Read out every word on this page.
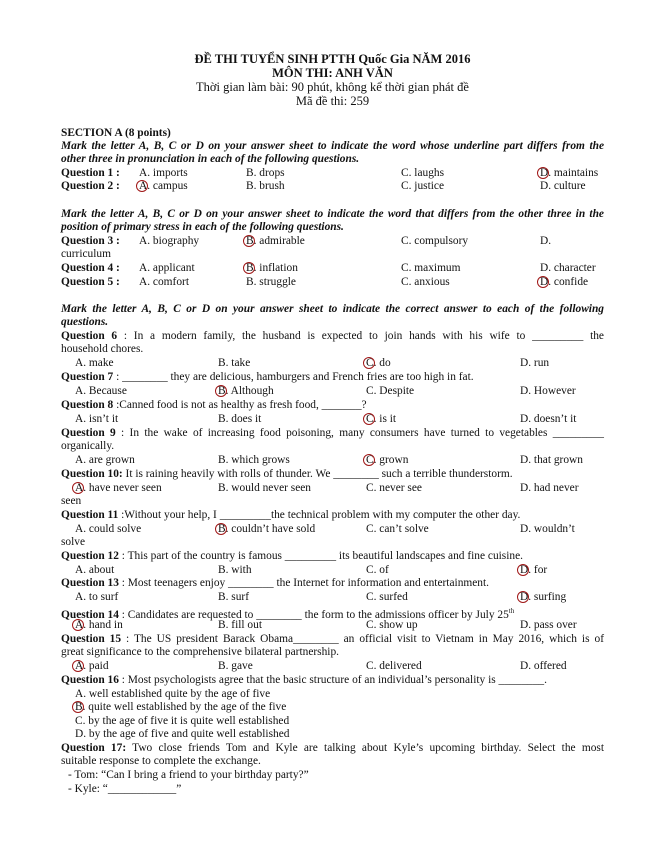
ĐỀ THI TUYỂN SINH PTTH Quốc Gia NĂM 2016
MÔN THI: ANH VĂN
Thời gian làm bài: 90 phút, không kể thời gian phát đề
Mã đề thi: 259
SECTION A (8 points)
Mark the letter A, B, C or D on your answer sheet to indicate the word whose underline part differs from the
other three in pronunciation in each of the following questions.
Question 1 : A. imports	B. drops	C. laughs	D. maintains
Question 2 : A. campus	B. brush	C. justice	D. culture
Mark the letter A, B, C or D on your answer sheet to indicate the word that differs from the other three in the
position of primary stress in each of the following questions.
Question 3 : A. biography	B. admirable	C. compulsory	D.
curriculum
Question 4 : A. applicant	B. inflation	C. maximum	D. character
Question 5 : A. comfort	B. struggle	C. anxious	D. confide
Mark the letter A, B, C or D on your answer sheet to indicate the correct answer to each of the following
questions.
Question 6 : In a modern family, the husband is expected to join hands with his wife to _________ the
household chores.
A. make	B. take	C. do	D. run
Question 7 : ________ they are delicious, hamburgers and French fries are too high in fat.
A. Because	B. Although	C. Despite	D. However
Question 8 :Canned food is not as healthy as fresh food, _______?
A. isn’t it	B. does it	C. is it	D. doesn’t it
Question 9 : In the wake of increasing food poisoning, many consumers have turned to vegetables _________
organically.
A. are grown	B. which grows	C. grown	D. that grown
Question 10: It is raining heavily with rolls of thunder. We ________ such a terrible thunderstorm.
A. have never seen	B. would never seen	C. never see	D. had never
seen
Question 11 :Without your help, I _________the technical problem with my computer the other day.
A. could solve	B. couldn’t have sold	C. can’t solve	D. wouldn’t
solve
Question 12 : This part of the country is famous _________ its beautiful landscapes and fine cuisine.
A. about	B. with	C. of	D. for
Question 13 : Most teenagers enjoy ________ the Internet for information and entertainment.
A. to surf	B. surf	C. surfed	D. surfing
Question 14 : Candidates are requested to ________ the form to the admissions officer by July 25th
A. hand in	B. fill out	C. show up	D. pass over
Question 15 : The US president Barack Obama________ an official visit to Vietnam in May 2016, which is of
great significance to the comprehensive bilateral partnership.
A. paid	B. gave	C. delivered	D. offered
Question 16 : Most psychologists agree that the basic structure of an individual’s personality is ________.
A. well established quite by the age of five
B. quite well established by the age of the five
C. by the age of five it is quite well established
D. by the age of five and quite well established
Question 17: Two close friends Tom and Kyle are talking about Kyle’s upcoming birthday. Select the most
suitable response to complete the exchange.
- Tom: “Can I bring a friend to your birthday party?”
- Kyle: “____________”
